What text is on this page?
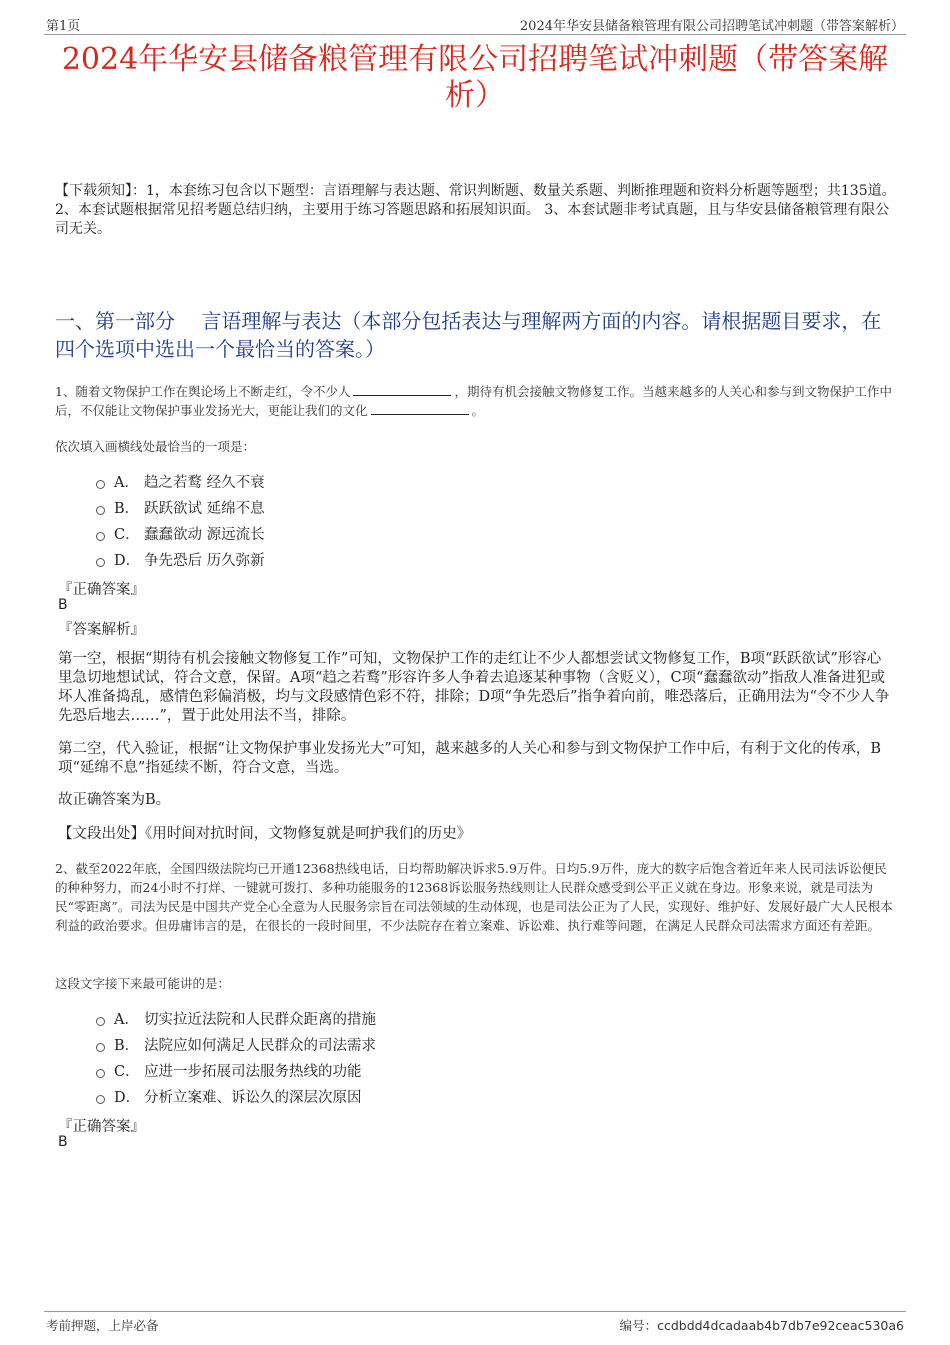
第1页	2024年华安县储备粮管理有限公司招聘笔试冲刺题（带答案解析）
2024年华安县储备粮管理有限公司招聘笔试冲刺题（带答案解析）
【下载须知】：1，本套练习包含以下题型：言语理解与表达题、常识判断题、数量关系题、判断推理题和资料分析题等题型；共135道。 2、本套试题根据常见招考题总结归纳，主要用于练习答题思路和拓展知识面。 3、本套试题非考试真题，且与华安县储备粮管理有限公司无关。
一、第一部分　 言语理解与表达（本部分包括表达与理解两方面的内容。请根据题目要求，在四个选项中选出一个最恰当的答案。）
1、随着文物保护工作在舆论场上不断走红，令不少人	，期待有机会接触文物修复工作。当越来越多的人关心和参与到文物保护工作中后，不仅能让文物保护事业发扬光大，更能让我们的文化	。
依次填入画横线处最恰当的一项是：
A． 趋之若鹜 经久不衰
B． 跃跃欲试 延绵不息
C． 蠢蠢欲动 源远流长
D． 争先恐后 历久弥新
『正确答案』
B
『答案解析』
第一空，根据“期待有机会接触文物修复工作”可知，文物保护工作的走红让不少人都想尝试文物修复工作，B项“跃跃欲试”形容心里急切地想试试，符合文意，保留。A项“趋之若鹜”形容许多人争着去追逐某种事物（含贬义），C项“蠢蠢欲动”指敌人准备进犯或坏人准备捣乱，感情色彩偏消极，均与文段感情色彩不符，排除；D项“争先恐后”指争着向前，唯恐落后，正确用法为“令不少人争先恐后地去……”，置于此处用法不当，排除。
第二空，代入验证，根据“让文物保护事业发扬光大”可知，越来越多的人关心和参与到文物保护工作中后，有利于文化的传承，B项“延绵不息”指延续不断，符合文意，当选。
故正确答案为B。
【文段出处】《用时间对抗时间，文物修复就是呵护我们的历史》
2、截至2022年底，全国四级法院均已开通12368热线电话，日均帮助解决诉求5.9万件。日均5.9万件，庞大的数字后饱含着近年来人民司法诉讼便民的种种努力，而24小时不打烊、一键就可拨打、多种功能服务的12368诉讼服务热线则让人民群众感受到公平正义就在身边。形象来说，就是司法为民“零距离”。司法为民是中国共产党全心全意为人民服务宗旨在司法领域的生动体现，也是司法公正为了人民，实现好、维护好、发展好最广大人民根本利益的政治要求。但毋庸讳言的是，在很长的一段时间里，不少法院存在着立案难、诉讼难、执行难等问题，在满足人民群众司法需求方面还有差距。
这段文字接下来最可能讲的是：
A． 切实拉近法院和人民群众距离的措施
B． 法院应如何满足人民群众的司法需求
C． 应进一步拓展司法服务热线的功能
D． 分析立案难、诉讼久的深层次原因
『正确答案』
B
考前押题，上岸必备	编号：ccdbdd4dcadaab4b7db7e92ceac530a6
